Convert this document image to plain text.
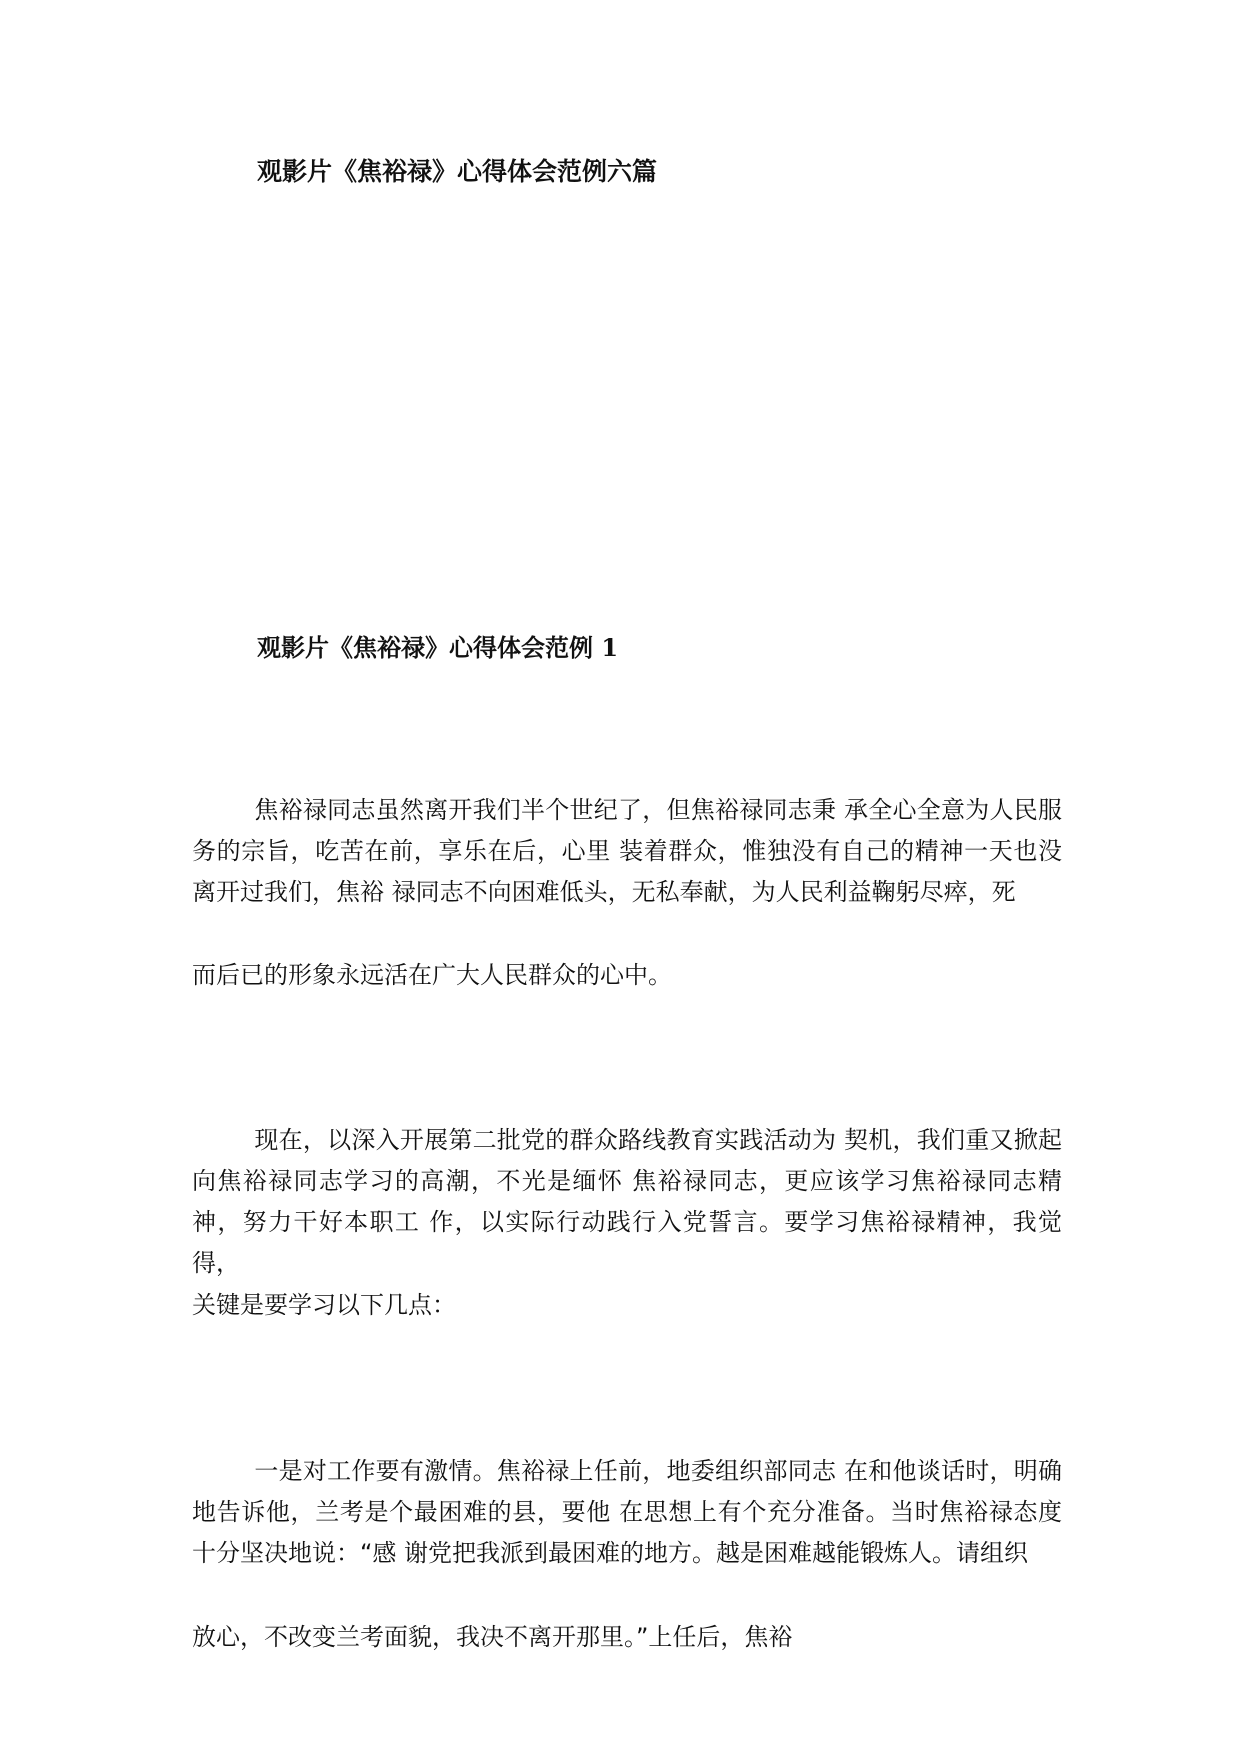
观影片《焦裕禄》心得体会范例六篇
观影片《焦裕禄》心得体会范例 1

焦裕禄同志虽然离开我们半个世纪了，但焦裕禄同志秉 承全心全意为人民服务的宗旨，吃苦在前，享乐在后，心里 装着群众，惟独没有自己的精神一天也没离开过我们，焦裕 禄同志不向困难低头，无私奉献，为人民利益鞠躬尽瘁，死

而后已的形象永远活在广大人民群众的心中。

现在，以深入开展第二批党的群众路线教育实践活动为 契机，我们重又掀起向焦裕禄同志学习的高潮，不光是缅怀 焦裕禄同志，更应该学习焦裕禄同志精神，努力干好本职工 作，以实际行动践行入党誓言。要学习焦裕禄精神，我觉得，

关键是要学习以下几点：

一是对工作要有激情。焦裕禄上任前，地委组织部同志 在和他谈话时，明确地告诉他，兰考是个最困难的县，要他 在思想上有个充分准备。当时焦裕禄态度十分坚决地说：“感 谢党把我派到最困难的地方。越是困难越能锻炼人。请组织

放心，不改变兰考面貌，我决不离开那里。”上任后，焦裕
